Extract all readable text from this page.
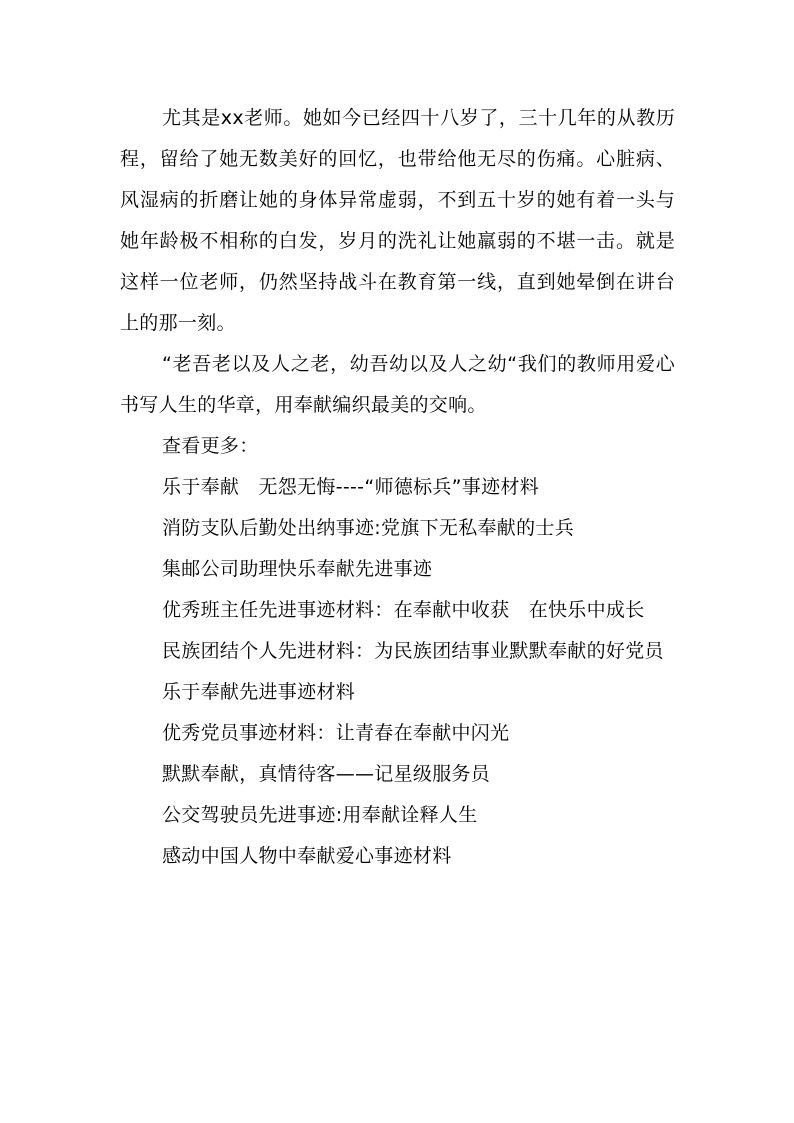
尤其是xx老师。她如今已经四十八岁了，三十几年的从教历程，留给了她无数美好的回忆，也带给他无尽的伤痛。心脏病、风湿病的折磨让她的身体异常虚弱，不到五十岁的她有着一头与她年龄极不相称的白发，岁月的洗礼让她羸弱的不堪一击。就是这样一位老师，仍然坚持战斗在教育第一线，直到她晕倒在讲台上的那一刻。

“老吾老以及人之老，幼吾幼以及人之幼“我们的教师用爱心书写人生的华章，用奉献编织最美的交响。

查看更多：

乐于奉献　无怨无悔----“师德标兵”事迹材料

消防支队后勤处出纳事迹:党旗下无私奉献的士兵

集邮公司助理快乐奉献先进事迹

优秀班主任先进事迹材料：在奉献中收获　在快乐中成长

民族团结个人先进材料：为民族团结事业默默奉献的好党员

乐于奉献先进事迹材料

优秀党员事迹材料：让青春在奉献中闪光

默默奉献，真情待客——记星级服务员

公交驾驶员先进事迹:用奉献诠释人生

感动中国人物中奉献爱心事迹材料
